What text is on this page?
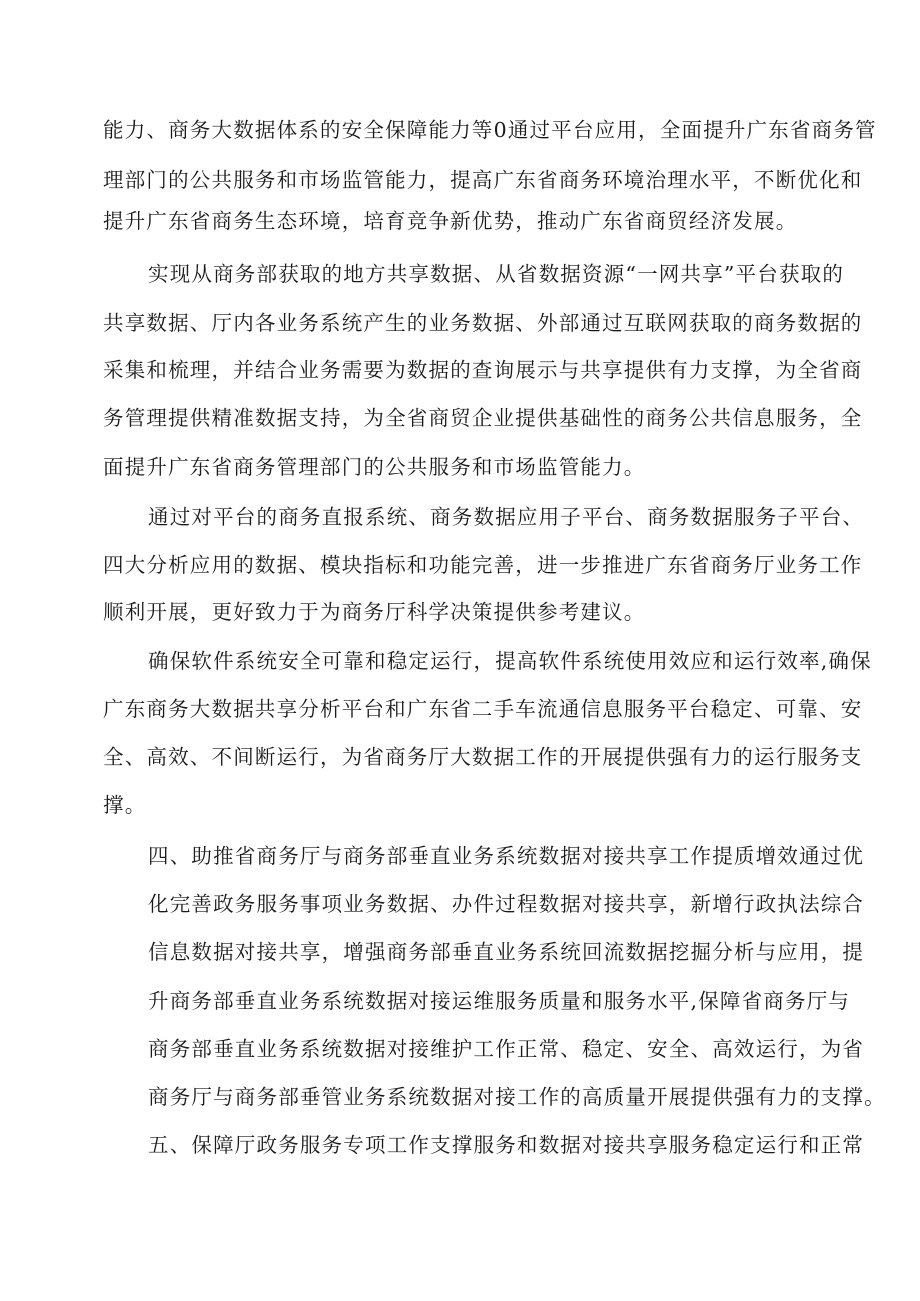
能力、商务大数据体系的安全保障能力等0通过平台应用，全面提升广东省商务管

理部门的公共服务和市场监管能力，提高广东省商务环境治理水平，不断优化和

提升广东省商务生态环境，培育竞争新优势，推动广东省商贸经济发展。

实现从商务部获取的地方共享数据、从省数据资源“一网共享”平台获取的

共享数据、厅内各业务系统产生的业务数据、外部通过互联网获取的商务数据的

采集和梳理，并结合业务需要为数据的查询展示与共享提供有力支撑，为全省商

务管理提供精准数据支持，为全省商贸企业提供基础性的商务公共信息服务，全

面提升广东省商务管理部门的公共服务和市场监管能力。

通过对平台的商务直报系统、商务数据应用子平台、商务数据服务子平台、

四大分析应用的数据、模块指标和功能完善，进一步推进广东省商务厅业务工作

顺利开展，更好致力于为商务厅科学决策提供参考建议。

确保软件系统安全可靠和稳定运行，提高软件系统使用效应和运行效率,确保

广东商务大数据共享分析平台和广东省二手车流通信息服务平台稳定、可靠、安

全、高效、不间断运行，为省商务厅大数据工作的开展提供强有力的运行服务支

撑。

四、助推省商务厅与商务部垂直业务系统数据对接共享工作提质增效通过优

化完善政务服务事项业务数据、办件过程数据对接共享，新增行政执法综合

信息数据对接共享，增强商务部垂直业务系统回流数据挖掘分析与应用，提

升商务部垂直业务系统数据对接运维服务质量和服务水平,保障省商务厅与

商务部垂直业务系统数据对接维护工作正常、稳定、安全、高效运行，为省

商务厅与商务部垂管业务系统数据对接工作的高质量开展提供强有力的支撑。

五、保障厅政务服务专项工作支撑服务和数据对接共享服务稳定运行和正常
